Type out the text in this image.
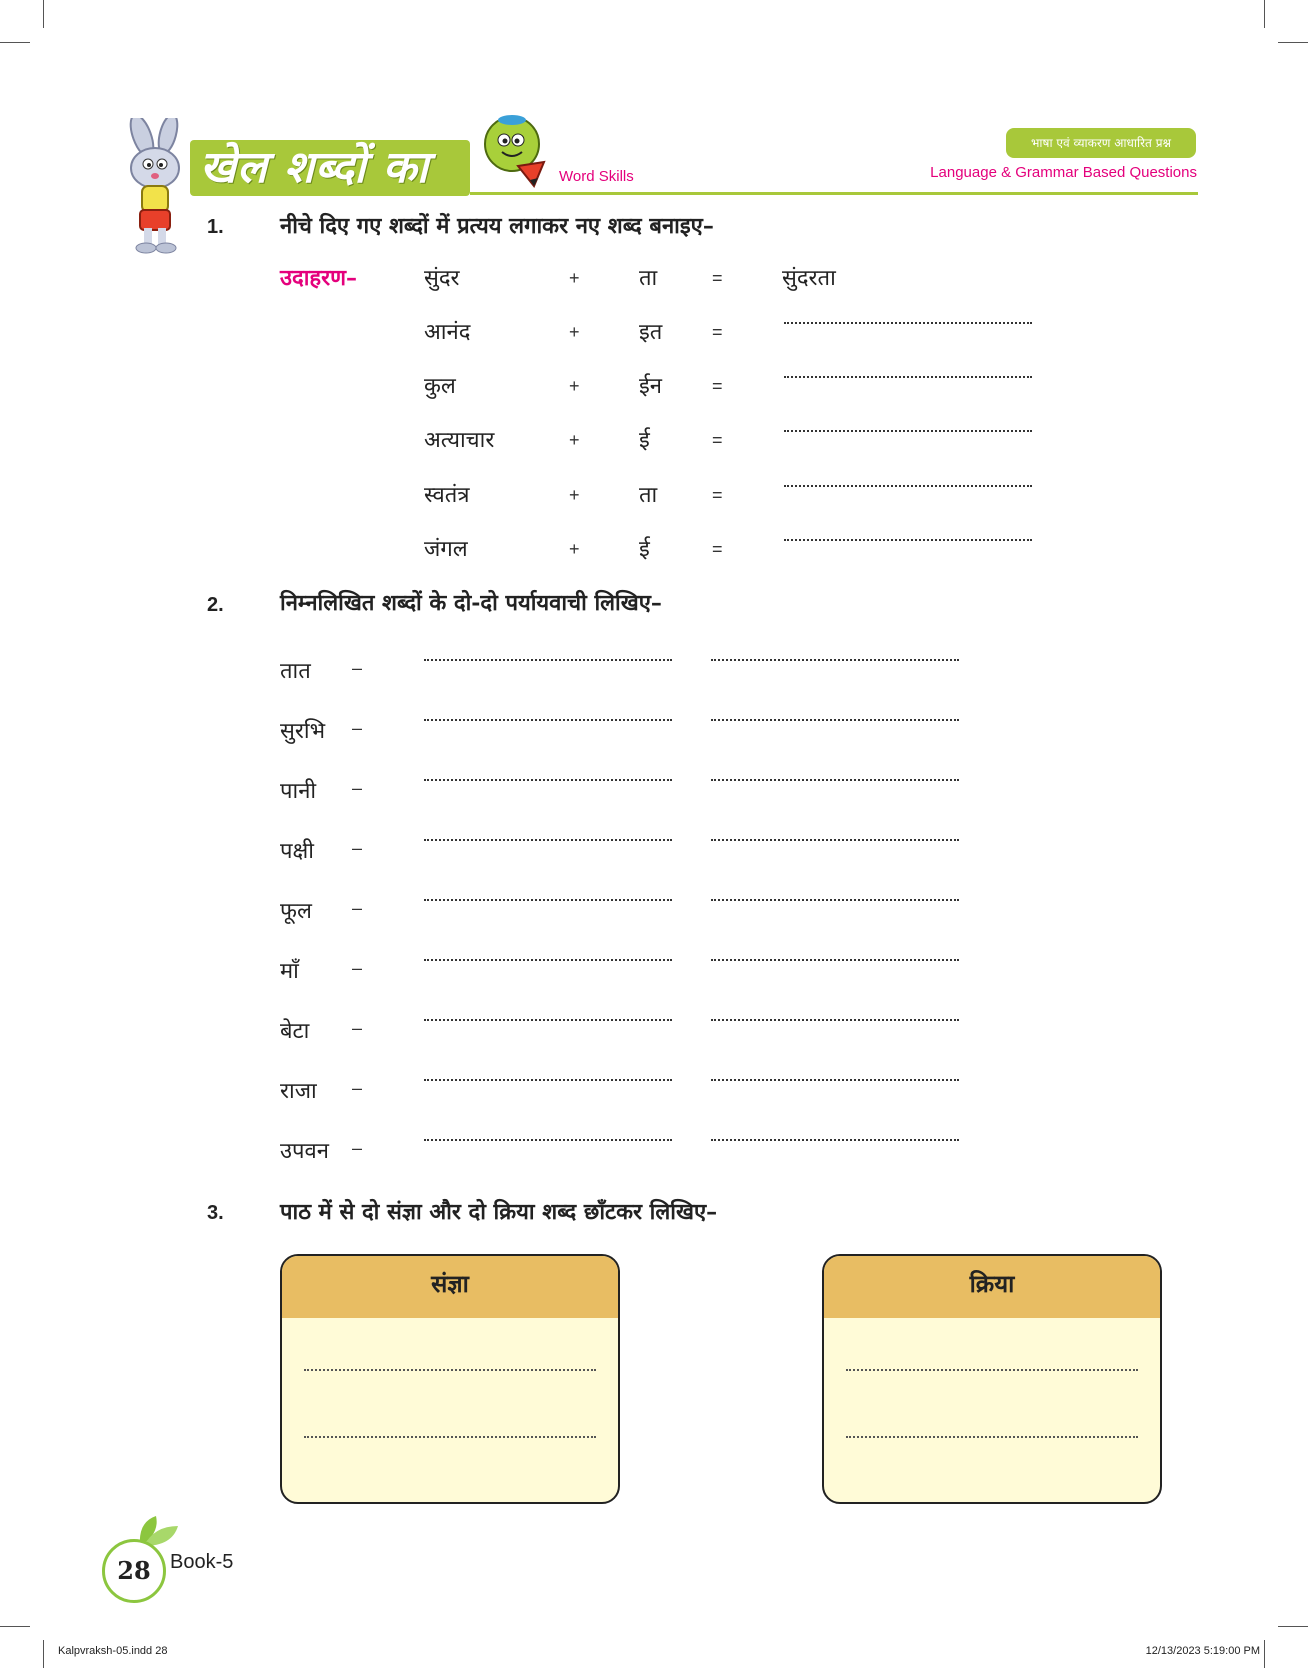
खेल शब्दों का	Word Skills
भाषा एवं व्याकरण आधारित प्रश्न
Language & Grammar Based Questions
1.	नीचे दिए गए शब्दों में प्रत्यय लगाकर नए शब्द बनाइए–
उदाहरण–	सुंदर	+	ता	=	सुंदरता
आनंद	+	इत	=
कुल	+	ईन	=
अत्याचार	+	ई	=
स्वतंत्र	+	ता	=
जंगल	+	ई	=
2.	निम्नलिखित शब्दों के दो-दो पर्यायवाची लिखिए–
तात –
सुरभि –
पानी –
पक्षी –
फूल –
माँ	–
बेटा –
राजा –
उपवन –
3.	पाठ में से दो संज्ञा और दो क्रिया शब्द छाँटकर लिखिए–
संज्ञा	क्रिया
28 Book-5
Kalpvraksh-05.indd 28	12/13/2023 5:19:00 PM
